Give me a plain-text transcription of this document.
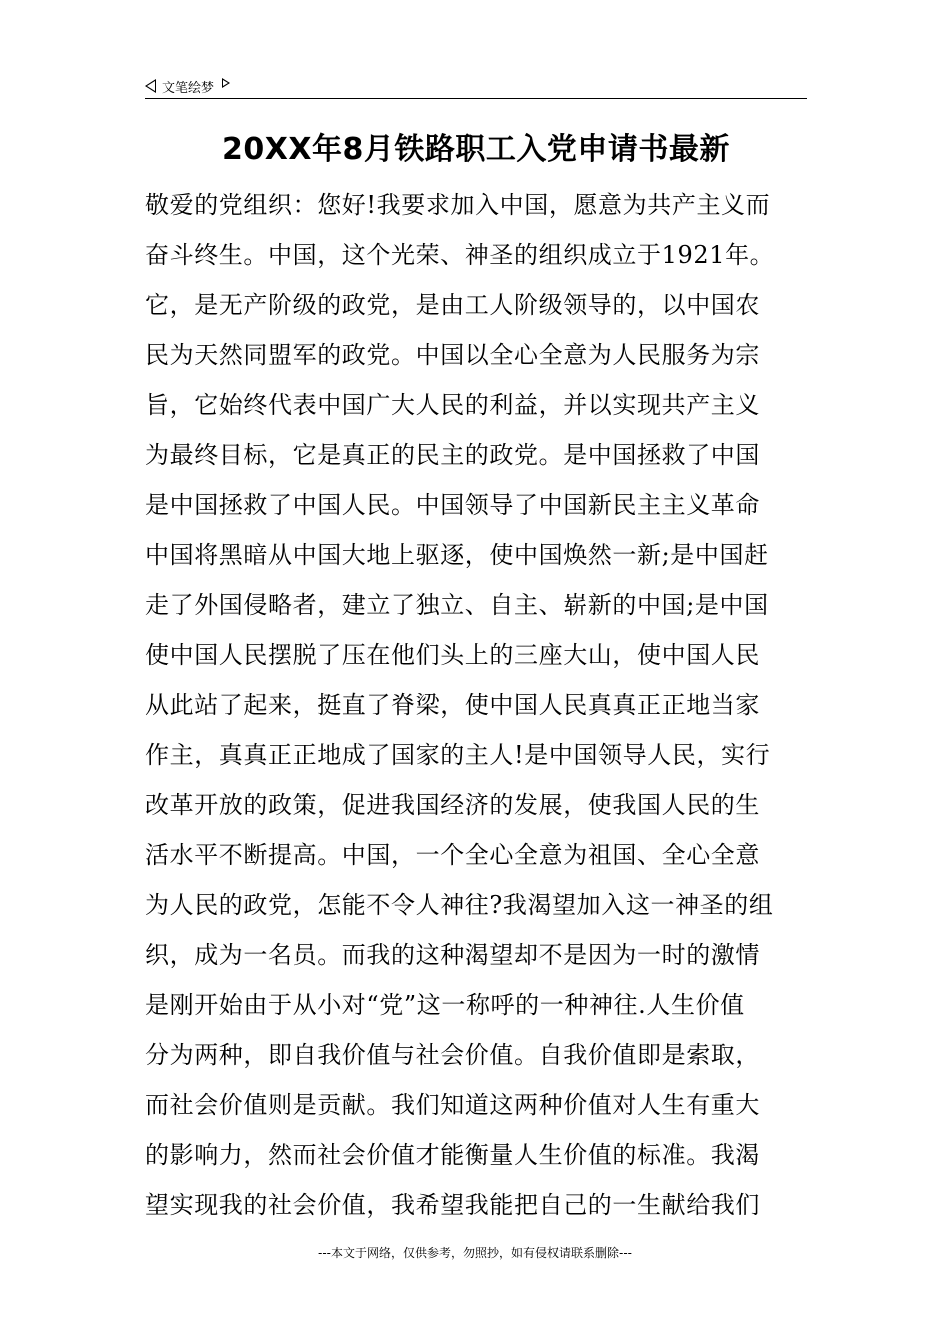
文笔绘梦
20XX年8月铁路职工入党申请书最新
敬爱的党组织：您好!我要求加入中国，愿意为共产主义而
奋斗终生。中国，这个光荣、神圣的组织成立于1921年。
它，是无产阶级的政党，是由工人阶级领导的，以中国农
民为天然同盟军的政党。中国以全心全意为人民服务为宗
旨，它始终代表中国广大人民的利益，并以实现共产主义
为最终目标，它是真正的民主的政党。是中国拯救了中国
是中国拯救了中国人民。中国领导了中国新民主主义革命
中国将黑暗从中国大地上驱逐，使中国焕然一新;是中国赶
走了外国侵略者，建立了独立、自主、崭新的中国;是中国
使中国人民摆脱了压在他们头上的三座大山，使中国人民
从此站了起来，挺直了脊梁，使中国人民真真正正地当家
作主，真真正正地成了国家的主人!是中国领导人民，实行
改革开放的政策，促进我国经济的发展，使我国人民的生
活水平不断提高。中国，一个全心全意为祖国、全心全意
为人民的政党，怎能不令人神往?我渴望加入这一神圣的组
织，成为一名员。而我的这种渴望却不是因为一时的激情
是刚开始由于从小对“党”这一称呼的一种神往.人生价值
分为两种，即自我价值与社会价值。自我价值即是索取，
而社会价值则是贡献。我们知道这两种价值对人生有重大
的影响力，然而社会价值才能衡量人生价值的标准。我渴
望实现我的社会价值，我希望我能把自己的一生献给我们
---本文于网络，仅供参考，勿照抄，如有侵权请联系删除---
